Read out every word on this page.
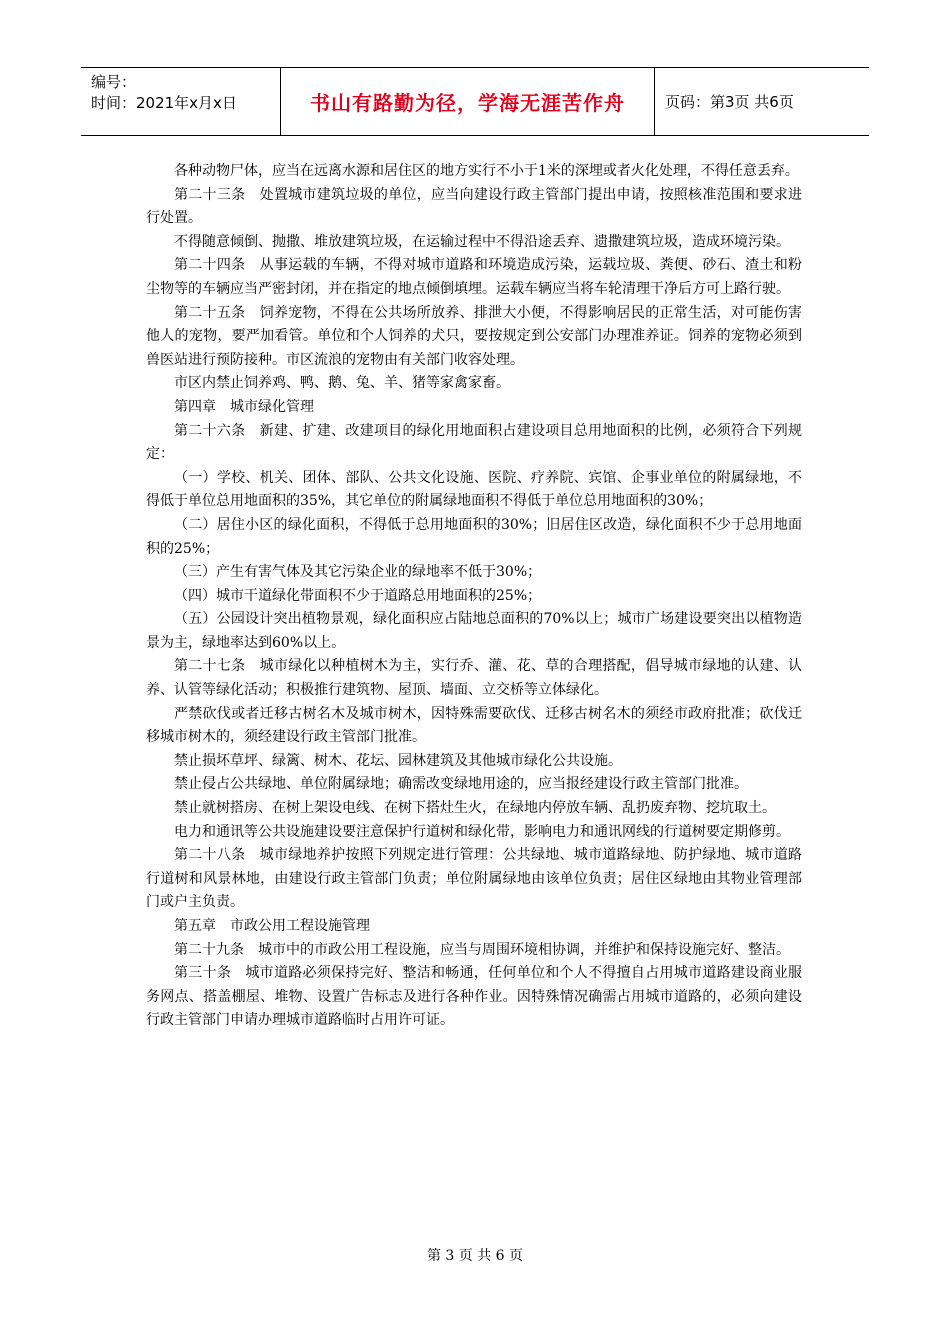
编号：
时间：2021年x月x日	书山有路勤为径，学海无涯苦作舟	页码：第3页 共6页

各种动物尸体，应当在远离水源和居住区的地方实行不小于1米的深埋或者火化处理，不得任意丢弃。

第二十三条　处置城市建筑垃圾的单位，应当向建设行政主管部门提出申请，按照核准范围和要求进行处置。

不得随意倾倒、抛撒、堆放建筑垃圾，在运输过程中不得沿途丢弃、遗撒建筑垃圾，造成环境污染。

第二十四条　从事运载的车辆，不得对城市道路和环境造成污染，运载垃圾、粪便、砂石、渣土和粉尘物等的车辆应当严密封闭，并在指定的地点倾倒填埋。运载车辆应当将车轮清理干净后方可上路行驶。

第二十五条　饲养宠物，不得在公共场所放养、排泄大小便，不得影响居民的正常生活，对可能伤害他人的宠物，要严加看管。单位和个人饲养的犬只，要按规定到公安部门办理准养证。饲养的宠物必须到兽医站进行预防接种。市区流浪的宠物由有关部门收容处理。

市区内禁止饲养鸡、鸭、鹅、兔、羊、猪等家禽家畜。

第四章　城市绿化管理

第二十六条　新建、扩建、改建项目的绿化用地面积占建设项目总用地面积的比例，必须符合下列规定：

（一）学校、机关、团体、部队、公共文化设施、医院、疗养院、宾馆、企事业单位的附属绿地，不得低于单位总用地面积的35%，其它单位的附属绿地面积不得低于单位总用地面积的30%；

（二）居住小区的绿化面积，不得低于总用地面积的30%；旧居住区改造，绿化面积不少于总用地面积的25%；

（三）产生有害气体及其它污染企业的绿地率不低于30%；

（四）城市干道绿化带面积不少于道路总用地面积的25%；

（五）公园设计突出植物景观，绿化面积应占陆地总面积的70%以上；城市广场建设要突出以植物造景为主，绿地率达到60%以上。

第二十七条　城市绿化以种植树木为主，实行乔、灌、花、草的合理搭配，倡导城市绿地的认建、认养、认管等绿化活动；积极推行建筑物、屋顶、墙面、立交桥等立体绿化。

严禁砍伐或者迁移古树名木及城市树木，因特殊需要砍伐、迁移古树名木的须经市政府批准；砍伐迁移城市树木的，须经建设行政主管部门批准。

禁止损坏草坪、绿篱、树木、花坛、园林建筑及其他城市绿化公共设施。

禁止侵占公共绿地、单位附属绿地；确需改变绿地用途的，应当报经建设行政主管部门批准。

禁止就树搭房、在树上架设电线、在树下搭灶生火，在绿地内停放车辆、乱扔废弃物、挖坑取土。

电力和通讯等公共设施建设要注意保护行道树和绿化带，影响电力和通讯网线的行道树要定期修剪。

第二十八条　城市绿地养护按照下列规定进行管理：公共绿地、城市道路绿地、防护绿地、城市道路行道树和风景林地，由建设行政主管部门负责；单位附属绿地由该单位负责；居住区绿地由其物业管理部门或户主负责。

第五章　市政公用工程设施管理

第二十九条　城市中的市政公用工程设施，应当与周围环境相协调，并维护和保持设施完好、整洁。

第三十条　城市道路必须保持完好、整洁和畅通，任何单位和个人不得擅自占用城市道路建设商业服务网点、搭盖棚屋、堆物、设置广告标志及进行各种作业。因特殊情况确需占用城市道路的，必须向建设行政主管部门申请办理城市道路临时占用许可证。

第 3 页 共 6 页
